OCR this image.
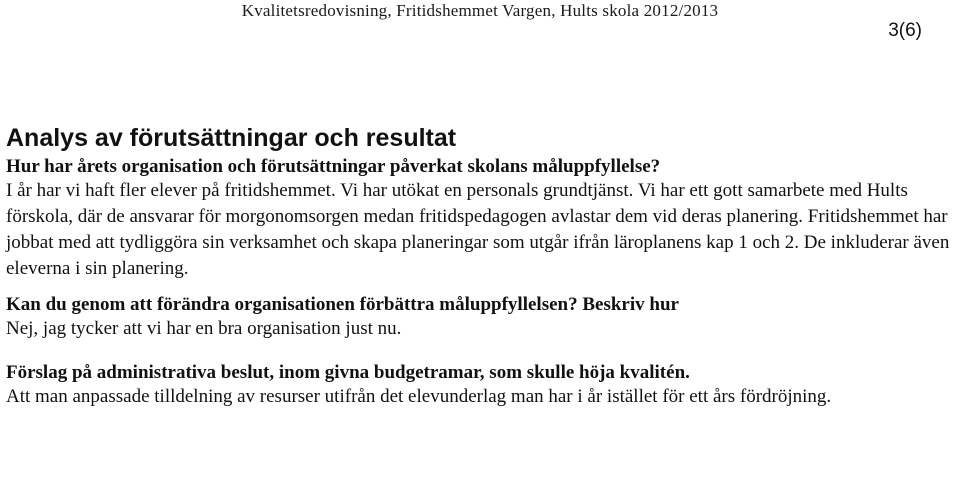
Kvalitetsredovisning, Fritidshemmet Vargen, Hults skola 2012/2013
3(6)
Analys av förutsättningar och resultat

Hur har årets organisation och förutsättningar påverkat skolans måluppfyllelse?

I år har vi haft fler elever på fritidshemmet. Vi har utökat en personals grundtjänst. Vi har ett gott samarbete med Hults förskola, där de ansvarar för morgonomsorgen medan fritidspedagogen avlastar dem vid deras planering. Fritidshemmet har jobbat med att tydliggöra sin verksamhet och skapa planeringar som utgår ifrån läroplanens kap 1 och 2. De inkluderar även eleverna i sin planering.

Kan du genom att förändra organisationen förbättra måluppfyllelsen? Beskriv hur

Nej, jag tycker att vi har en bra organisation just nu.

Förslag på administrativa beslut, inom givna budgetramar, som skulle höja kvalitén.

Att man anpassade tilldelning av resurser utifrån det elevunderlag man har i år istället för ett års fördröjning.
